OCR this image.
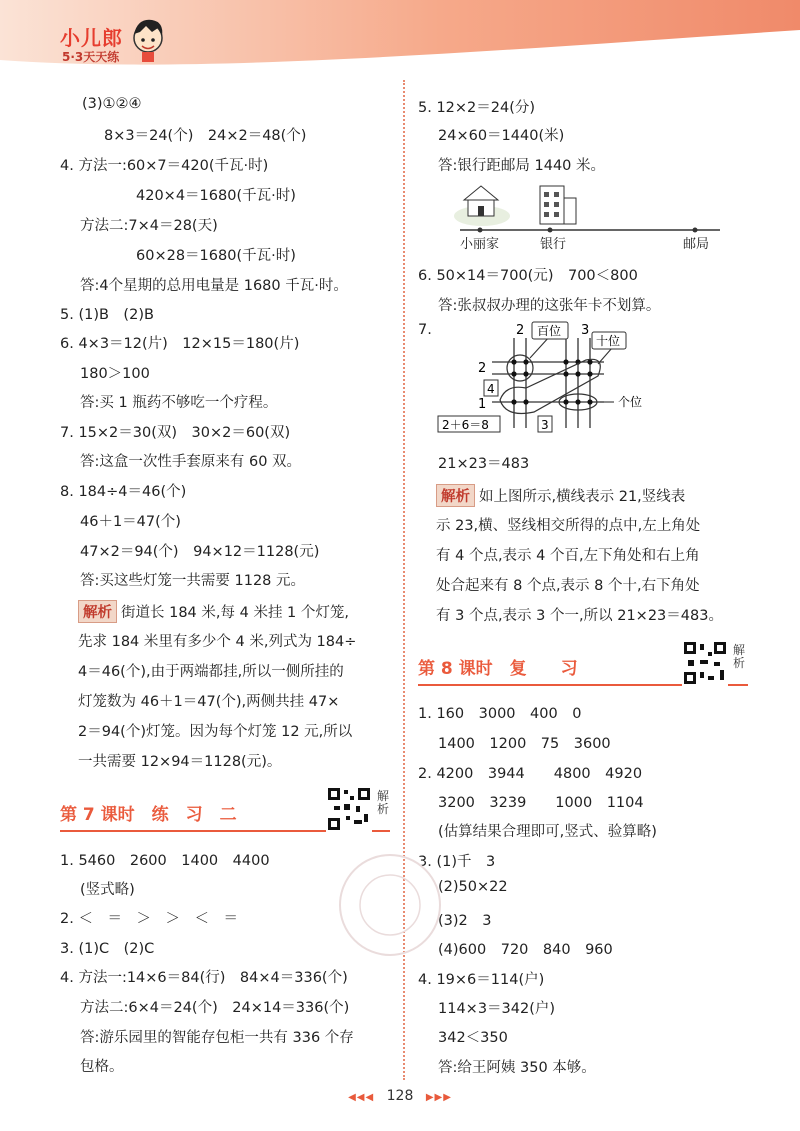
小儿郎
5·3天天练
(3)①②④
8×3＝24(个)　24×2＝48(个)
4. 方法一:60×7＝420(千瓦·时)
420×4＝1680(千瓦·时)
方法二:7×4＝28(天)
60×28＝1680(千瓦·时)
答:4个星期的总用电量是 1680 千瓦·时。
5. (1)B　(2)B
6. 4×3＝12(片)　12×15＝180(片)
180＞100
答:买 1 瓶药不够吃一个疗程。
7. 15×2＝30(双)　30×2＝60(双)
答:这盒一次性手套原来有 60 双。
8. 184÷4＝46(个)
46＋1＝47(个)
47×2＝94(个)　94×12＝1128(元)
答:买这些灯笼一共需要 1128 元。
解析 街道长 184 米,每 4 米挂 1 个灯笼,
先求 184 米里有多少个 4 米,列式为 184÷
4＝46(个),由于两端都挂,所以一侧所挂的
灯笼数为 46＋1＝47(个),两侧共挂 47×
2＝94(个)灯笼。因为每个灯笼 12 元,所以
一共需要 12×94＝1128(元)。
第 7 课时　练　习　二
解析
1. 5460　2600　1400　4400
(竖式略)
2. ＜　＝　＞　＞　＜　＝
3. (1)C　(2)C
4. 方法一:14×6＝84(行)　84×4＝336(个)
方法二:6×4＝24(个)　24×14＝336(个)
答:游乐园里的智能存包柜一共有 336 个存
包格。
5. 12×2＝24(分)
24×60＝1440(米)
答:银行距邮局 1440 米。
小丽家	银行	邮局
6. 50×14＝700(元)　700＜800
答:张叔叔办理的这张年卡不划算。
7.	2 百位
十位
个位
2
4
1
3
3
2＋6＝8
21×23＝483
解析 如上图所示,横线表示 21,竖线表
示 23,横、竖线相交所得的点中,左上角处
有 4 个点,表示 4 个百,左下角处和右上角
处合起来有 8 个点,表示 8 个十,右下角处
有 3 个点,表示 3 个一,所以 21×23＝483。
第 8 课时　复　　习
解析
1. 160　3000　400　0
1400　1200　75　3600
2. 4200　3944　　4800　4920
3200　3239　　1000　1104
(估算结果合理即可,竖式、验算略)
3. (1)千　3
(2)50×22
(3)2　3
(4)600　720　840　960
4. 19×6＝114(户)
114×3＝342(户)
342＜350
答:给王阿姨 350 本够。
◀◀◀ 128 ▶▶▶
